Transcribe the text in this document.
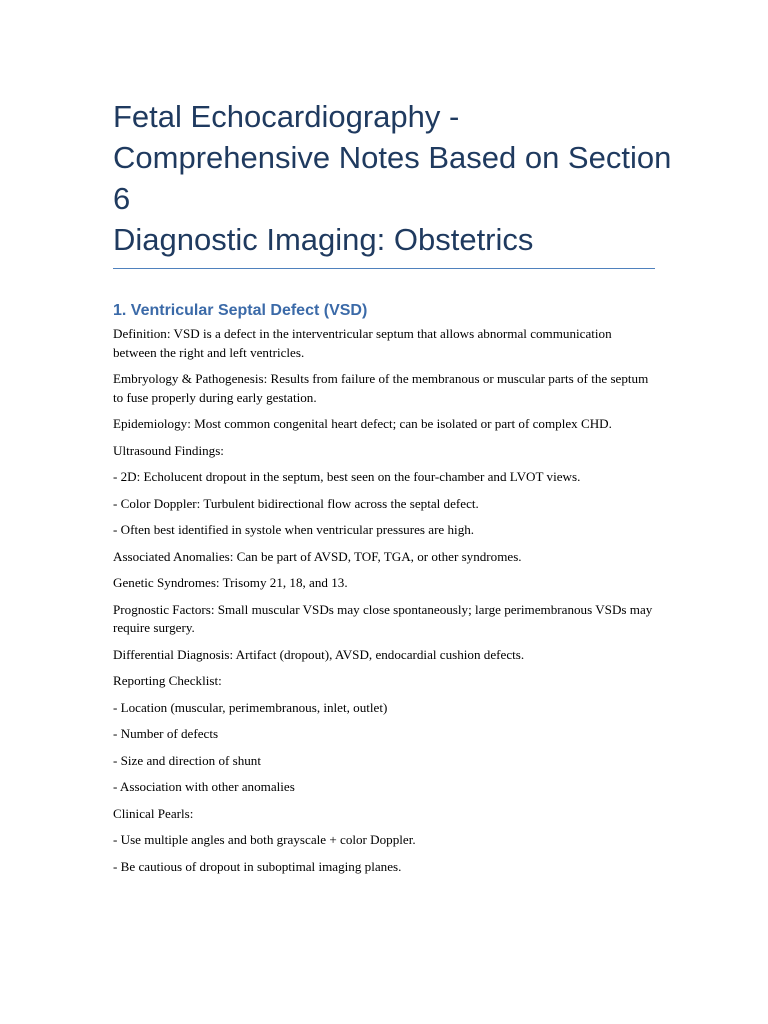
Fetal Echocardiography -
Comprehensive Notes Based on Section
6
Diagnostic Imaging: Obstetrics
1. Ventricular Septal Defect (VSD)

Definition: VSD is a defect in the interventricular septum that allows abnormal communication between the right and left ventricles.

Embryology & Pathogenesis: Results from failure of the membranous or muscular parts of the septum to fuse properly during early gestation.

Epidemiology: Most common congenital heart defect; can be isolated or part of complex CHD.

Ultrasound Findings:

- 2D: Echolucent dropout in the septum, best seen on the four-chamber and LVOT views.

- Color Doppler: Turbulent bidirectional flow across the septal defect.

- Often best identified in systole when ventricular pressures are high.

Associated Anomalies: Can be part of AVSD, TOF, TGA, or other syndromes.

Genetic Syndromes: Trisomy 21, 18, and 13.

Prognostic Factors: Small muscular VSDs may close spontaneously; large perimembranous VSDs may require surgery.

Differential Diagnosis: Artifact (dropout), AVSD, endocardial cushion defects.

Reporting Checklist:

- Location (muscular, perimembranous, inlet, outlet)

- Number of defects

- Size and direction of shunt

- Association with other anomalies

Clinical Pearls:

- Use multiple angles and both grayscale + color Doppler.

- Be cautious of dropout in suboptimal imaging planes.
